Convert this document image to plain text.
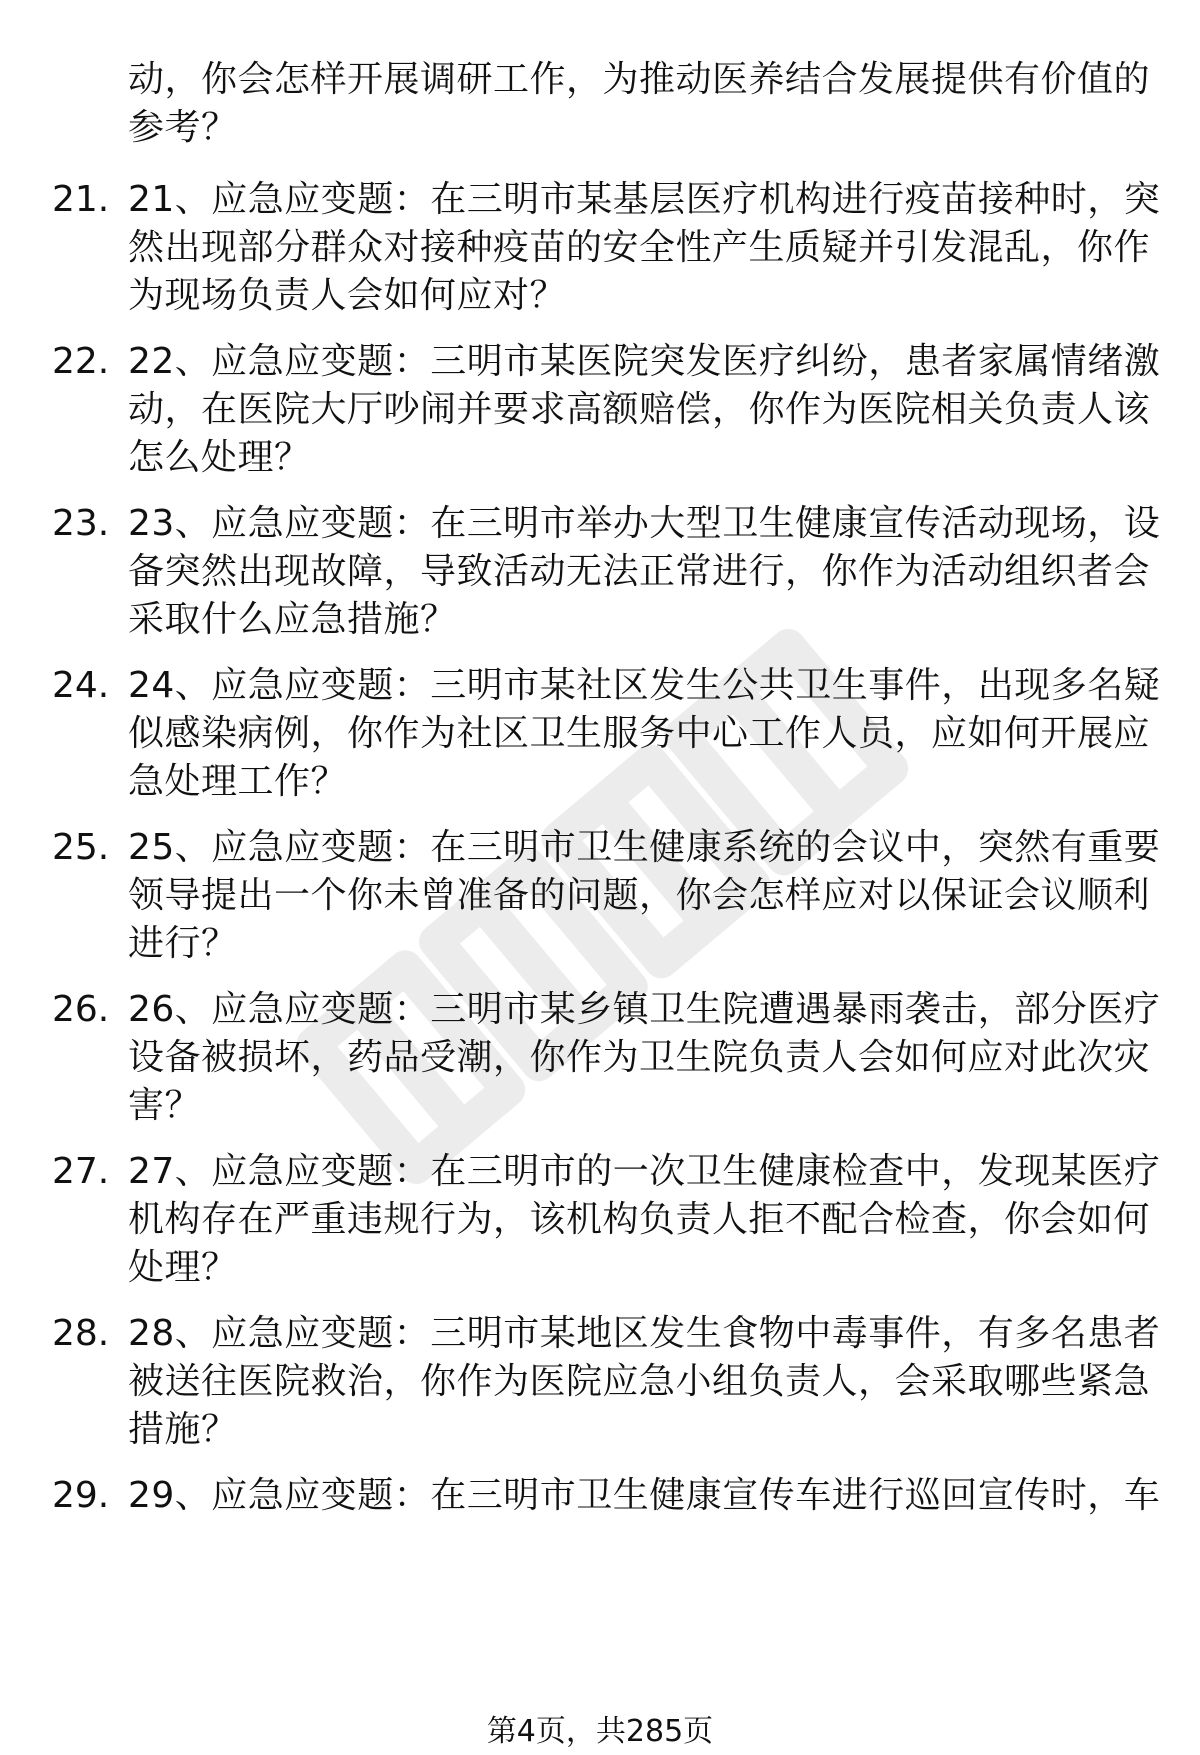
动，你会怎样开展调研工作，为推动医养结合发展提供有价值的
参考？
21. 21、应急应变题：在三明市某基层医疗机构进行疫苗接种时，突
然出现部分群众对接种疫苗的安全性产生质疑并引发混乱，你作
为现场负责人会如何应对？
22. 22、应急应变题：三明市某医院突发医疗纠纷，患者家属情绪激
动，在医院大厅吵闹并要求高额赔偿，你作为医院相关负责人该
怎么处理？
23. 23、应急应变题：在三明市举办大型卫生健康宣传活动现场，设
备突然出现故障，导致活动无法正常进行，你作为活动组织者会
采取什么应急措施？
24. 24、应急应变题：三明市某社区发生公共卫生事件，出现多名疑
似感染病例，你作为社区卫生服务中心工作人员，应如何开展应
急处理工作？
25. 25、应急应变题：在三明市卫生健康系统的会议中，突然有重要
领导提出一个你未曾准备的问题，你会怎样应对以保证会议顺利
进行？
26. 26、应急应变题：三明市某乡镇卫生院遭遇暴雨袭击，部分医疗
设备被损坏，药品受潮，你作为卫生院负责人会如何应对此次灾
害？
27. 27、应急应变题：在三明市的一次卫生健康检查中，发现某医疗
机构存在严重违规行为，该机构负责人拒不配合检查，你会如何
处理？
28. 28、应急应变题：三明市某地区发生食物中毒事件，有多名患者
被送往医院救治，你作为医院应急小组负责人，会采取哪些紧急
措施？
29. 29、应急应变题：在三明市卫生健康宣传车进行巡回宣传时，车
第4页，共285页
